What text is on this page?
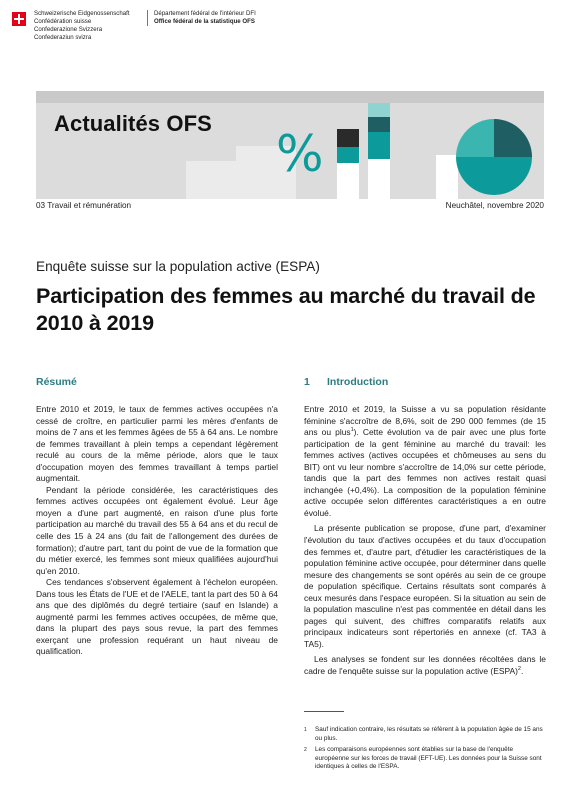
Schweizerische Eidgenossenschaft
Confédération suisse
Confederazione Svizzera
Confederaziun svizra
Département fédéral de l'intérieur DFI
Office fédéral de la statistique OFS
Actualités OFS
%
03 Travail et rémunération	Neuchâtel, novembre 2020
Enquête suisse sur la population active (ESPA)
Participation des femmes au marché du travail de 2010 à 2019
Résumé	1 Introduction

Entre 2010 et 2019, le taux de femmes actives occupées n'a cessé de croître, en particulier parmi les mères d'enfants de moins de 7 ans et les femmes âgées de 55 à 64 ans. Le nombre de femmes travaillant à plein temps a cependant légèrement reculé au cours de la même période, alors que le taux d'occupation moyen des femmes travaillant à temps partiel augmentait.

Pendant la période considérée, les caractéristiques des femmes actives occupées ont également évolué. Leur âge moyen a d'une part augmenté, en raison d'une plus forte participation au marché du travail des 55 à 64 ans et du recul de celle des 15 à 24 ans (du fait de l'allongement des durées de formation); d'autre part, tant du point de vue de la formation que du métier exercé, les femmes sont mieux qualifiées aujourd'hui qu'en 2010.

Ces tendances s'observent également à l'échelon européen. Dans tous les États de l'UE et de l'AELE, tant la part des 50 à 64 ans que des diplômés du degré tertiaire (sauf en Islande) a augmenté parmi les femmes actives occupées, de même que, dans la plupart des pays sous revue, la part des femmes exerçant une profession requérant un haut niveau de qualification.

Entre 2010 et 2019, la Suisse a vu sa population résidante féminine s'accroître de 8,6%, soit de 290 000 femmes (de 15 ans ou plus$^1$). Cette évolution va de pair avec une plus forte participation de la gent féminine au marché du travail: les femmes actives (actives occupées et chômeuses au sens du BIT) ont vu leur nombre s'accroître de 14,0% sur cette période, tandis que la part des femmes non actives restait quasi inchangée (+0,4%). La composition de la population féminine active occupée selon différentes caractéristiques a en outre évolué.

La présente publication se propose, d'une part, d'examiner l'évolution du taux d'actives occupées et du taux d'occupation des femmes et, d'autre part, d'étudier les caractéristiques de la population féminine active occupée, pour déterminer dans quelle mesure des changements se sont opérés au sein de ce groupe de population spécifique. Certains résultats sont comparés à ceux mesurés dans l'espace européen. Si la situation au sein de la population masculine n'est pas commentée en détail dans les pages qui suivent, des chiffres comparatifs relatifs aux principaux indicateurs sont répertoriés en annexe (cf. TA3 à TA5).

Les analyses se fondent sur les données récoltées dans le cadre de l'enquête suisse sur la population active (ESPA)$^2$.

1	Sauf indication contraire, les résultats se réfèrent à la population âgée de 15 ans ou plus.
2	Les comparaisons européennes sont établies sur la base de l'enquête européenne sur les forces de travail (EFT-UE). Les données pour la Suisse sont identiques à celles de l'ESPA.
